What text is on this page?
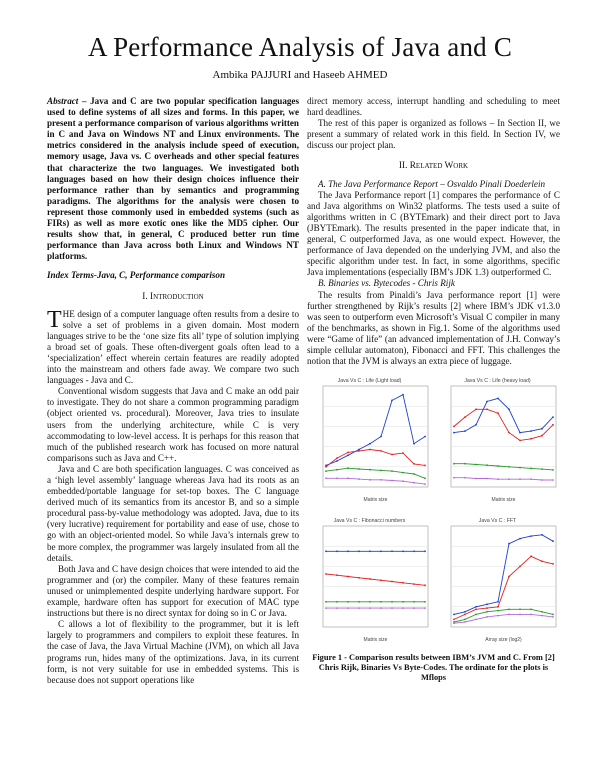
A Performance Analysis of Java and C
Ambika PAJJURI and Haseeb AHMED

Abstract – Java and C are two popular specification languages used to define systems of all sizes and forms. In this paper, we present a performance comparison of various algorithms written in C and Java on Windows NT and Linux environments. The metrics considered in the analysis include speed of execution, memory usage, Java vs. C overheads and other special features that characterize the two languages. We investigated both languages based on how their design choices influence their performance rather than by semantics and programming paradigms. The algorithms for the analysis were chosen to represent those commonly used in embedded systems (such as FIRs) as well as more exotic ones like the MD5 cipher. Our results show that, in general, C produced better run time performance than Java across both Linux and Windows NT platforms.

Index Terms-Java, C, Performance comparison

I. Introduction

THE design of a computer language often results from a desire to solve a set of problems in a given domain. Most modern languages strive to be the ‘one size fits all’ type of solution implying a broad set of goals. These often-divergent goals often lead to a ‘specialization’ effect wherein certain features are readily adopted into the mainstream and others fade away. We compare two such languages - Java and C.

Conventional wisdom suggests that Java and C make an odd pair to investigate. They do not share a common programming paradigm (object oriented vs. procedural). Moreover, Java tries to insulate users from the underlying architecture, while C is very accommodating to low-level access. It is perhaps for this reason that much of the published research work has focused on more natural comparisons such as Java and C++.

Java and C are both specification languages. C was conceived as a ‘high level assembly’ language whereas Java had its roots as an embedded/portable language for set-top boxes. The C language derived much of its semantics from its ancestor B, and so a simple procedural pass-by-value methodology was adopted. Java, due to its (very lucrative) requirement for portability and ease of use, chose to go with an object-oriented model. So while Java’s internals grew to be more complex, the programmer was largely insulated from all the details.

Both Java and C have design choices that were intended to aid the programmer and (or) the compiler. Many of these features remain unused or unimplemented despite underlying hardware support. For example, hardware often has support for execution of MAC type instructions but there is no direct syntax for doing so in C or Java.

C allows a lot of flexibility to the programmer, but it is left largely to programmers and compilers to exploit these features. In the case of Java, the Java Virtual Machine (JVM), on which all Java programs run, hides many of the optimizations. Java, in its current form, is not very suitable for use in embedded systems. This is because does not support operations like

direct memory access, interrupt handling and scheduling to meet hard deadlines.

The rest of this paper is organized as follows – In Section II, we present a summary of related work in this field. In Section IV, we discuss our project plan.

II. Related Work

A. The Java Performance Report – Osvaldo Pinali Doederlein

The Java Performance report [1] compares the performance of C and Java algorithms on Win32 platforms. The tests used a suite of algorithms written in C (BYTEmark) and their direct port to Java (JBYTEmark). The results presented in the paper indicate that, in general, C outperformed Java, as one would expect. However, the performance of Java depended on the underlying JVM, and also the specific algorithm under test. In fact, in some algorithms, specific Java implementations (especially IBM’s JDK 1.3) outperformed C.

B. Binaries vs. Bytecodes - Chris Rijk

The results from Pinaldi’s Java performance report [1] were further strengthened by Rijk’s results [2] where IBM’s JDK v1.3.0 was seen to outperform even Microsoft’s Visual C compiler in many of the benchmarks, as shown in Fig.1. Some of the algorithms used were “Game of life” (an advanced implementation of J.H. Conway’s simple cellular automaton), Fibonacci and FFT. This challenges the notion that the JVM is always an extra piece of luggage.

Java Vs C : Life (Light load)
Matrix size
Java Vs C : Life (heavy load)
Matrix size
Java Vs C : Fibonacci numbers
Matrix size
Java Vs C : FFT
Array size (log2)
Figure 1 - Comparison results between IBM’s JVM and C. From [2] Chris Rijk, Binaries Vs Byte-Codes. The ordinate for the plots is Mflops
